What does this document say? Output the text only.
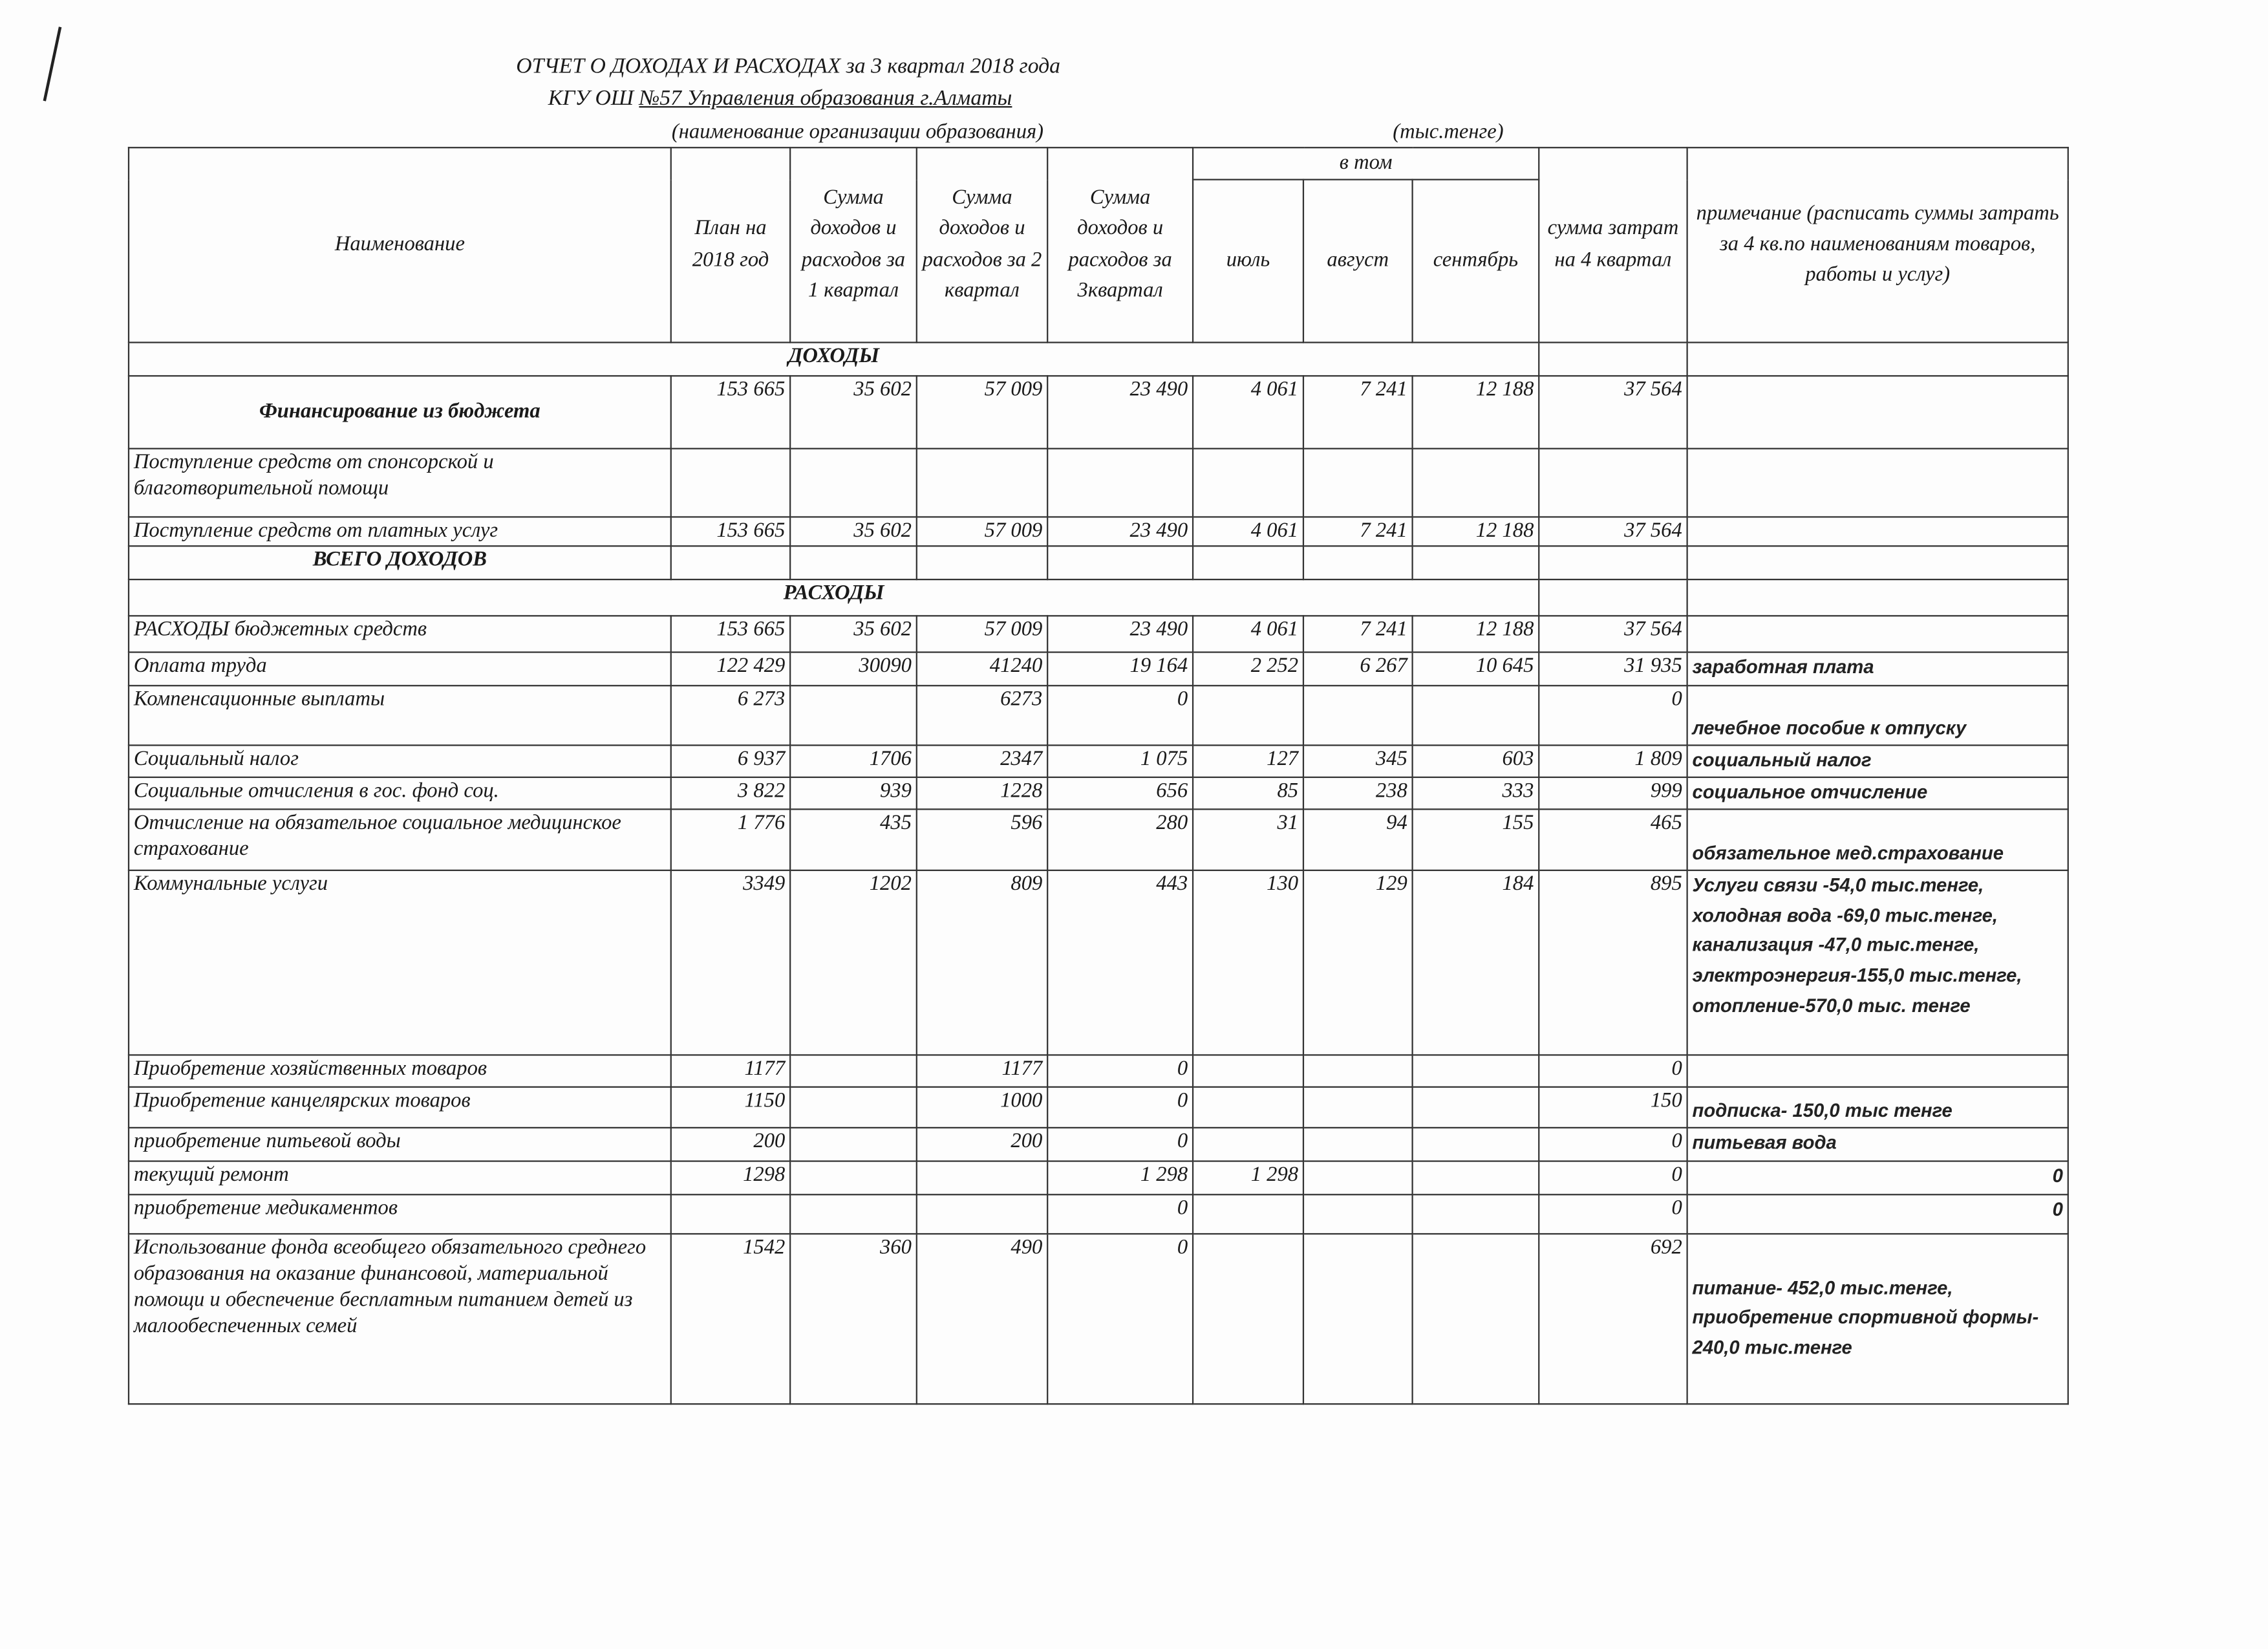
ОТЧЕТ О ДОХОДАХ И РАСХОДАХ за 3 квартал 2018 года
КГУ ОШ №57 Управления образования г.Алматы
(наименование организации образования)	(тыс.тенге)
Наименование	План на 2018 год	Сумма доходов и расходов за 1 квартал	Сумма доходов и расходов за 2 квартал	Сумма доходов и расходов за 3квартал	в том			сумма затрат на 4 квартал	примечание (расписать суммы затрать за 4 кв.по наименованиям товаров, работы и услуг)
					июль	август	сентябрь		
ДОХОДЫ									
Финансирование из бюджета	153 665	35 602	57 009	23 490	4 061	7 241	12 188	37 564	
Поступление средств от спонсорской и благотворительной помощи									
Поступление средств от платных услуг	153 665	35 602	57 009	23 490	4 061	7 241	12 188	37 564	
ВСЕГО ДОХОДОВ									
РАСХОДЫ									
РАСХОДЫ бюджетных средств	153 665	35 602	57 009	23 490	4 061	7 241	12 188	37 564	
Оплата труда	122 429	30090	41240	19 164	2 252	6 267	10 645	31 935	заработная плата
Компенсационные выплаты	6 273		6273	0				0	лечебное пособие к отпуску
Социальный налог	6 937	1706	2347	1 075	127	345	603	1 809	социальный налог
Социальные отчисления в гос. фонд соц.	3 822	939	1228	656	85	238	333	999	социальное отчисление
Отчисление на обязательное социальное медицинское страхование	1 776	435	596	280	31	94	155	465	обязательное мед.страхование
Коммунальные услуги	3349	1202	809	443	130	129	184	895	Услуги связи -54,0 тыс.тенге, холодная вода -69,0 тыс.тенге, канализация -47,0 тыс.тенге, электроэнергия-155,0 тыс.тенге, отопление-570,0 тыс. тенге
Приобретение хозяйственных товаров	1177		1177	0				0	
Приобретение канцелярских товаров	1150		1000	0				150	подписка- 150,0 тыс тенге
приобретение питьевой воды	200		200	0				0	питьевая вода
текущий ремонт	1298			1 298	1 298			0	0
приобретение медикаментов				0				0	0
Использование фонда всеобщего обязательного среднего образования на оказание финансовой, материальной помощи и обеспечение бесплатным питанием детей из малообеспеченных семей	1542	360	490	0				692	питание- 452,0 тыс.тенге, приобретение спортивной формы- 240,0 тыс.тенге
